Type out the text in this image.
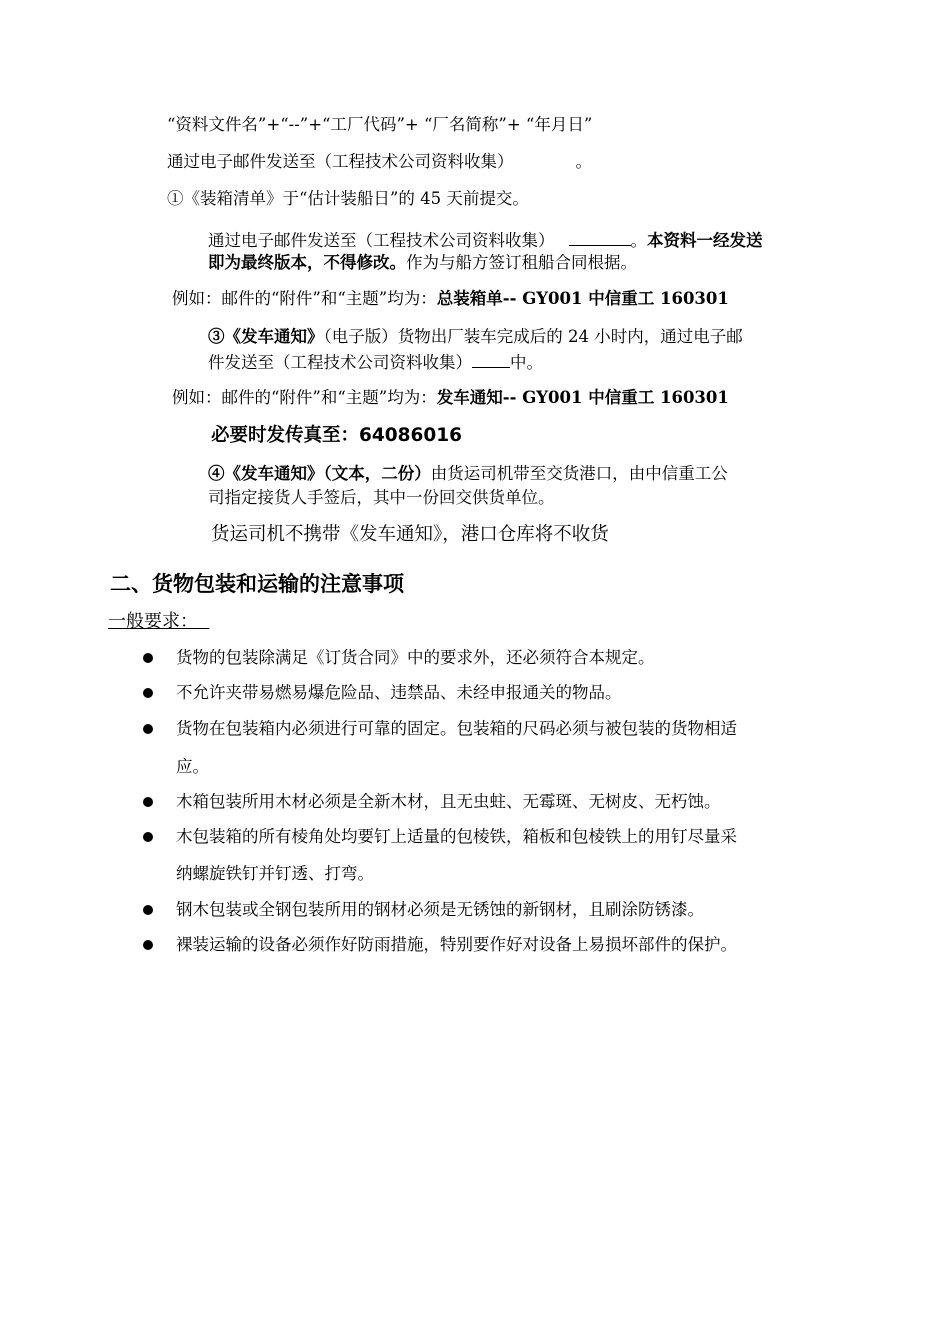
“资料文件名”+“--”+“工厂代码”+ “厂名简称”+ “年月日”
通过电子邮件发送至（工程技术公司资料收集）	。
①《装箱清单》于“估计装船日”的 45 天前提交。
通过电子邮件发送至（工程技术公司资料收集）	。本资料一经发送
即为最终版本，不得修改。作为与船方签订租船合同根据。
例如：邮件的“附件”和“主题”均为：总装箱单-- GY001 中信重工 160301
③《发车通知》（电子版）货物出厂装车完成后的 24 小时内，通过电子邮
件发送至（工程技术公司资料收集） 中。
例如：邮件的“附件”和“主题”均为：发车通知-- GY001 中信重工 160301
必要时发传真至：64086016
④《发车通知》（文本，二份）由货运司机带至交货港口，由中信重工公
司指定接货人手签后，其中一份回交供货单位。
货运司机不携带《发车通知》，港口仓库将不收货
二、货物包装和运输的注意事项
一般要求：
货物的包装除满足《订货合同》中的要求外，还必须符合本规定。
不允许夹带易燃易爆危险品、违禁品、未经申报通关的物品。
货物在包装箱内必须进行可靠的固定。包装箱的尺码必须与被包装的货物相适
应。
木箱包装所用木材必须是全新木材，且无虫蛀、无霉斑、无树皮、无朽蚀。
木包装箱的所有棱角处均要钉上适量的包棱铁，箱板和包棱铁上的用钉尽量采
纳螺旋铁钉并钉透、打弯。
钢木包装或全钢包装所用的钢材必须是无锈蚀的新钢材，且刷涂防锈漆。
裸装运输的设备必须作好防雨措施，特别要作好对设备上易损坏部件的保护。
